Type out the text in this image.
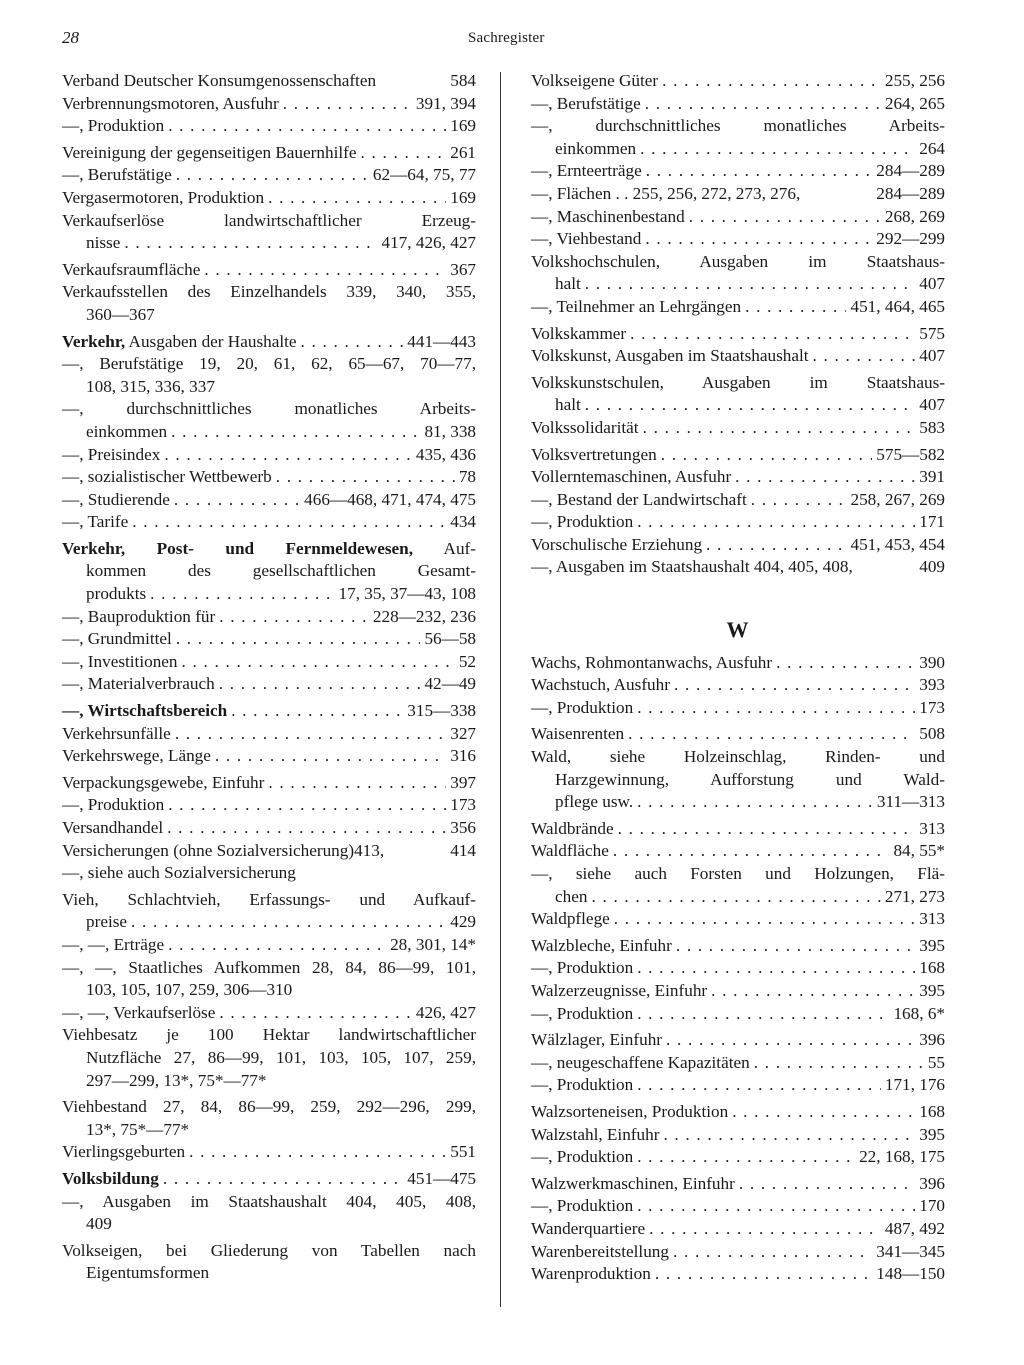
28	Sachregister
Verband Deutscher Konsumgenossenschaften	584
Verbrennungsmotoren, Ausfuhr . . .	391, 394
—, Produktion . . .	169
Vereinigung der gegenseitigen Bauernhilfe . . .	261
—, Berufstätige . . .	62—64, 75, 77
Vergasermotoren, Produktion . . .	169
Verkaufserlöse landwirtschaftlicher Erzeug-
nisse . . .	417, 426, 427
Verkaufsraumfläche . . .	367
Verkaufsstellen des Einzelhandels 339, 340, 355,
360—367
Verkehr, Ausgaben der Haushalte . . .	441—443
—, Berufstätige 19, 20, 61, 62, 65—67, 70—77,
108, 315, 336, 337
—, durchschnittliches monatliches Arbeits-
einkommen . . .	81, 338
—, Preisindex . . .	435, 436
—, sozialistischer Wettbewerb . . .	78
—, Studierende . . .	466—468, 471, 474, 475
—, Tarife . . .	434
Verkehr, Post- und Fernmeldewesen, Auf-
kommen des gesellschaftlichen Gesamt-
produkts . . .	17, 35, 37—43, 108
—, Bauproduktion für . . .	228—232, 236
—, Grundmittel . . .	56—58
—, Investitionen . . .	52
—, Materialverbrauch . . .	42—49
—, Wirtschaftsbereich . . .	315—338
Verkehrsunfälle . . .	327
Verkehrswege, Länge . . .	316
Verpackungsgewebe, Einfuhr . . .	397
—, Produktion . . .	173
Versandhandel . . .	356
Versicherungen (ohne Sozialversicherung)413,	414
—, siehe auch Sozialversicherung
Vieh, Schlachtvieh, Erfassungs- und Aufkauf-
preise . . .	429
—, —, Erträge . . .	28, 301, 14*
—, —, Staatliches Aufkommen 28, 84, 86—99, 101,
103, 105, 107, 259, 306—310
—, —, Verkaufserlöse . . .	426, 427
Viehbesatz je 100 Hektar landwirtschaftlicher
Nutzfläche 27, 86—99, 101, 103, 105, 107, 259,
297—299, 13*, 75*—77*
Viehbestand 27, 84, 86—99, 259, 292—296, 299,
13*, 75*—77*
Vierlingsgeburten . . .	551
Volksbildung . . .	451—475
—, Ausgaben im Staatshaushalt 404, 405, 408,
409
Volkseigen, bei Gliederung von Tabellen nach
Eigentumsformen
Volkseigene Güter . . .	255, 256
—, Berufstätige . . .	264, 265
—, durchschnittliches monatliches Arbeits-
einkommen . . .	264
—, Ernteerträge . . .	284—289
—, Flächen . . 255, 256, 272, 273, 276,	284—289
—, Maschinenbestand . . .	268, 269
—, Viehbestand . . .	292—299
Volkshochschulen, Ausgaben im Staatshaus-
halt . . .	407
—, Teilnehmer an Lehrgängen . . .	451, 464, 465
Volkskammer . . .	575
Volkskunst, Ausgaben im Staatshaushalt . . .	407
Volkskunstschulen, Ausgaben im Staatshaus-
halt . . .	407
Volkssolidarität . . .	583
Volksvertretungen . . .	575—582
Vollerntemaschinen, Ausfuhr . . .	391
—, Bestand der Landwirtschaft . . .	258, 267, 269
—, Produktion . . .	171
Vorschulische Erziehung . . .	451, 453, 454
—, Ausgaben im Staatshaushalt 404, 405, 408,	409
W
Wachs, Rohmontanwachs, Ausfuhr . . .	390
Wachstuch, Ausfuhr . . .	393
—, Produktion . . .	173
Waisenrenten . . .	508
Wald, siehe Holzeinschlag, Rinden- und
Harzgewinnung, Aufforstung und Wald-
pflege usw. . . .	311—313
Waldbrände . . .	313
Waldfläche . . .	84, 55*
—, siehe auch Forsten und Holzungen, Flä-
chen . . .	271, 273
Waldpflege . . .	313
Walzbleche, Einfuhr . . .	395
—, Produktion . . .	168
Walzerzeugnisse, Einfuhr . . .	395
—, Produktion . . .	168, 6*
Wälzlager, Einfuhr . . .	396
—, neugeschaffene Kapazitäten . . .	55
—, Produktion . . .	171, 176
Walzsorteneisen, Produktion . . .	168
Walzstahl, Einfuhr . . .	395
—, Produktion . . .	22, 168, 175
Walzwerkmaschinen, Einfuhr . . .	396
—, Produktion . . .	170
Wanderquartiere . . .	487, 492
Warenbereitstellung . . .	341—345
Warenproduktion . . .	148—150
